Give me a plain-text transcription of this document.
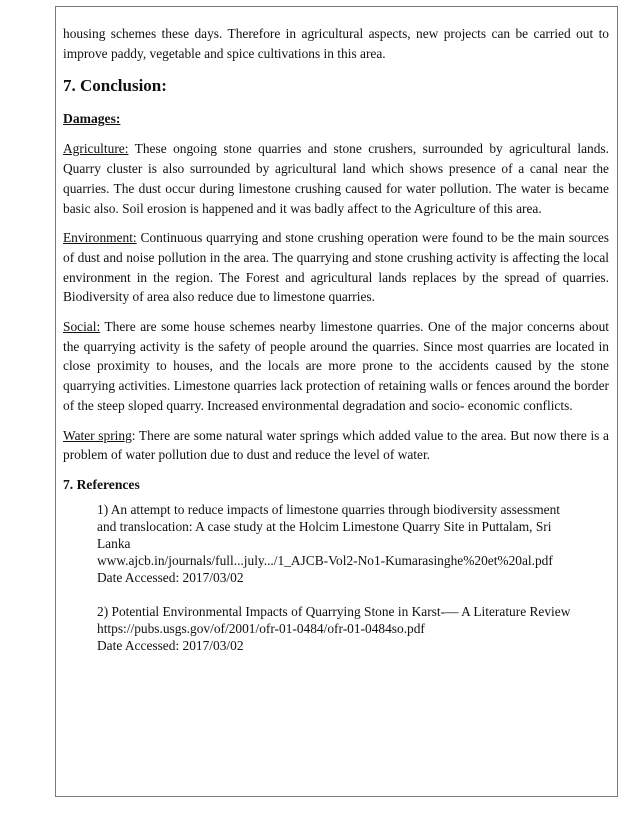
housing schemes these days. Therefore in agricultural aspects, new projects can be carried out to improve paddy, vegetable and spice cultivations in this area.

7. Conclusion:
Damages:

Agriculture: These ongoing stone quarries and stone crushers, surrounded by agricultural lands. Quarry cluster is also surrounded by agricultural land which shows presence of a canal near the quarries. The dust occur during limestone crushing caused for water pollution. The water is became basic also. Soil erosion is happened and it was badly affect to the Agriculture of this area.

Environment: Continuous quarrying and stone crushing operation were found to be the main sources of dust and noise pollution in the area. The quarrying and stone crushing activity is affecting the local environment in the region. The Forest and agricultural lands replaces by the spread of quarries. Biodiversity of area also reduce due to limestone quarries.

Social: There are some house schemes nearby limestone quarries. One of the major concerns about the quarrying activity is the safety of people around the quarries. Since most quarries are located in close proximity to houses, and the locals are more prone to the accidents caused by the stone quarrying activities. Limestone quarries lack protection of retaining walls or fences around the border of the steep sloped quarry. Increased environmental degradation and socio- economic conflicts.

Water spring: There are some natural water springs which added value to the area. But now there is a problem of water pollution due to dust and reduce the level of water.

7. References

1) An attempt to reduce impacts of limestone quarries through biodiversity assessment

and translocation: A case study at the Holcim Limestone Quarry Site in Puttalam, Sri

Lanka

www.ajcb.in/journals/full...july.../1_AJCB-Vol2-No1-Kumarasinghe%20et%20al.pdf

Date Accessed: 2017/03/02

2) Potential Environmental Impacts of Quarrying Stone in Karst-— A Literature Review

https://pubs.usgs.gov/of/2001/ofr-01-0484/ofr-01-0484so.pdf

Date Accessed: 2017/03/02
